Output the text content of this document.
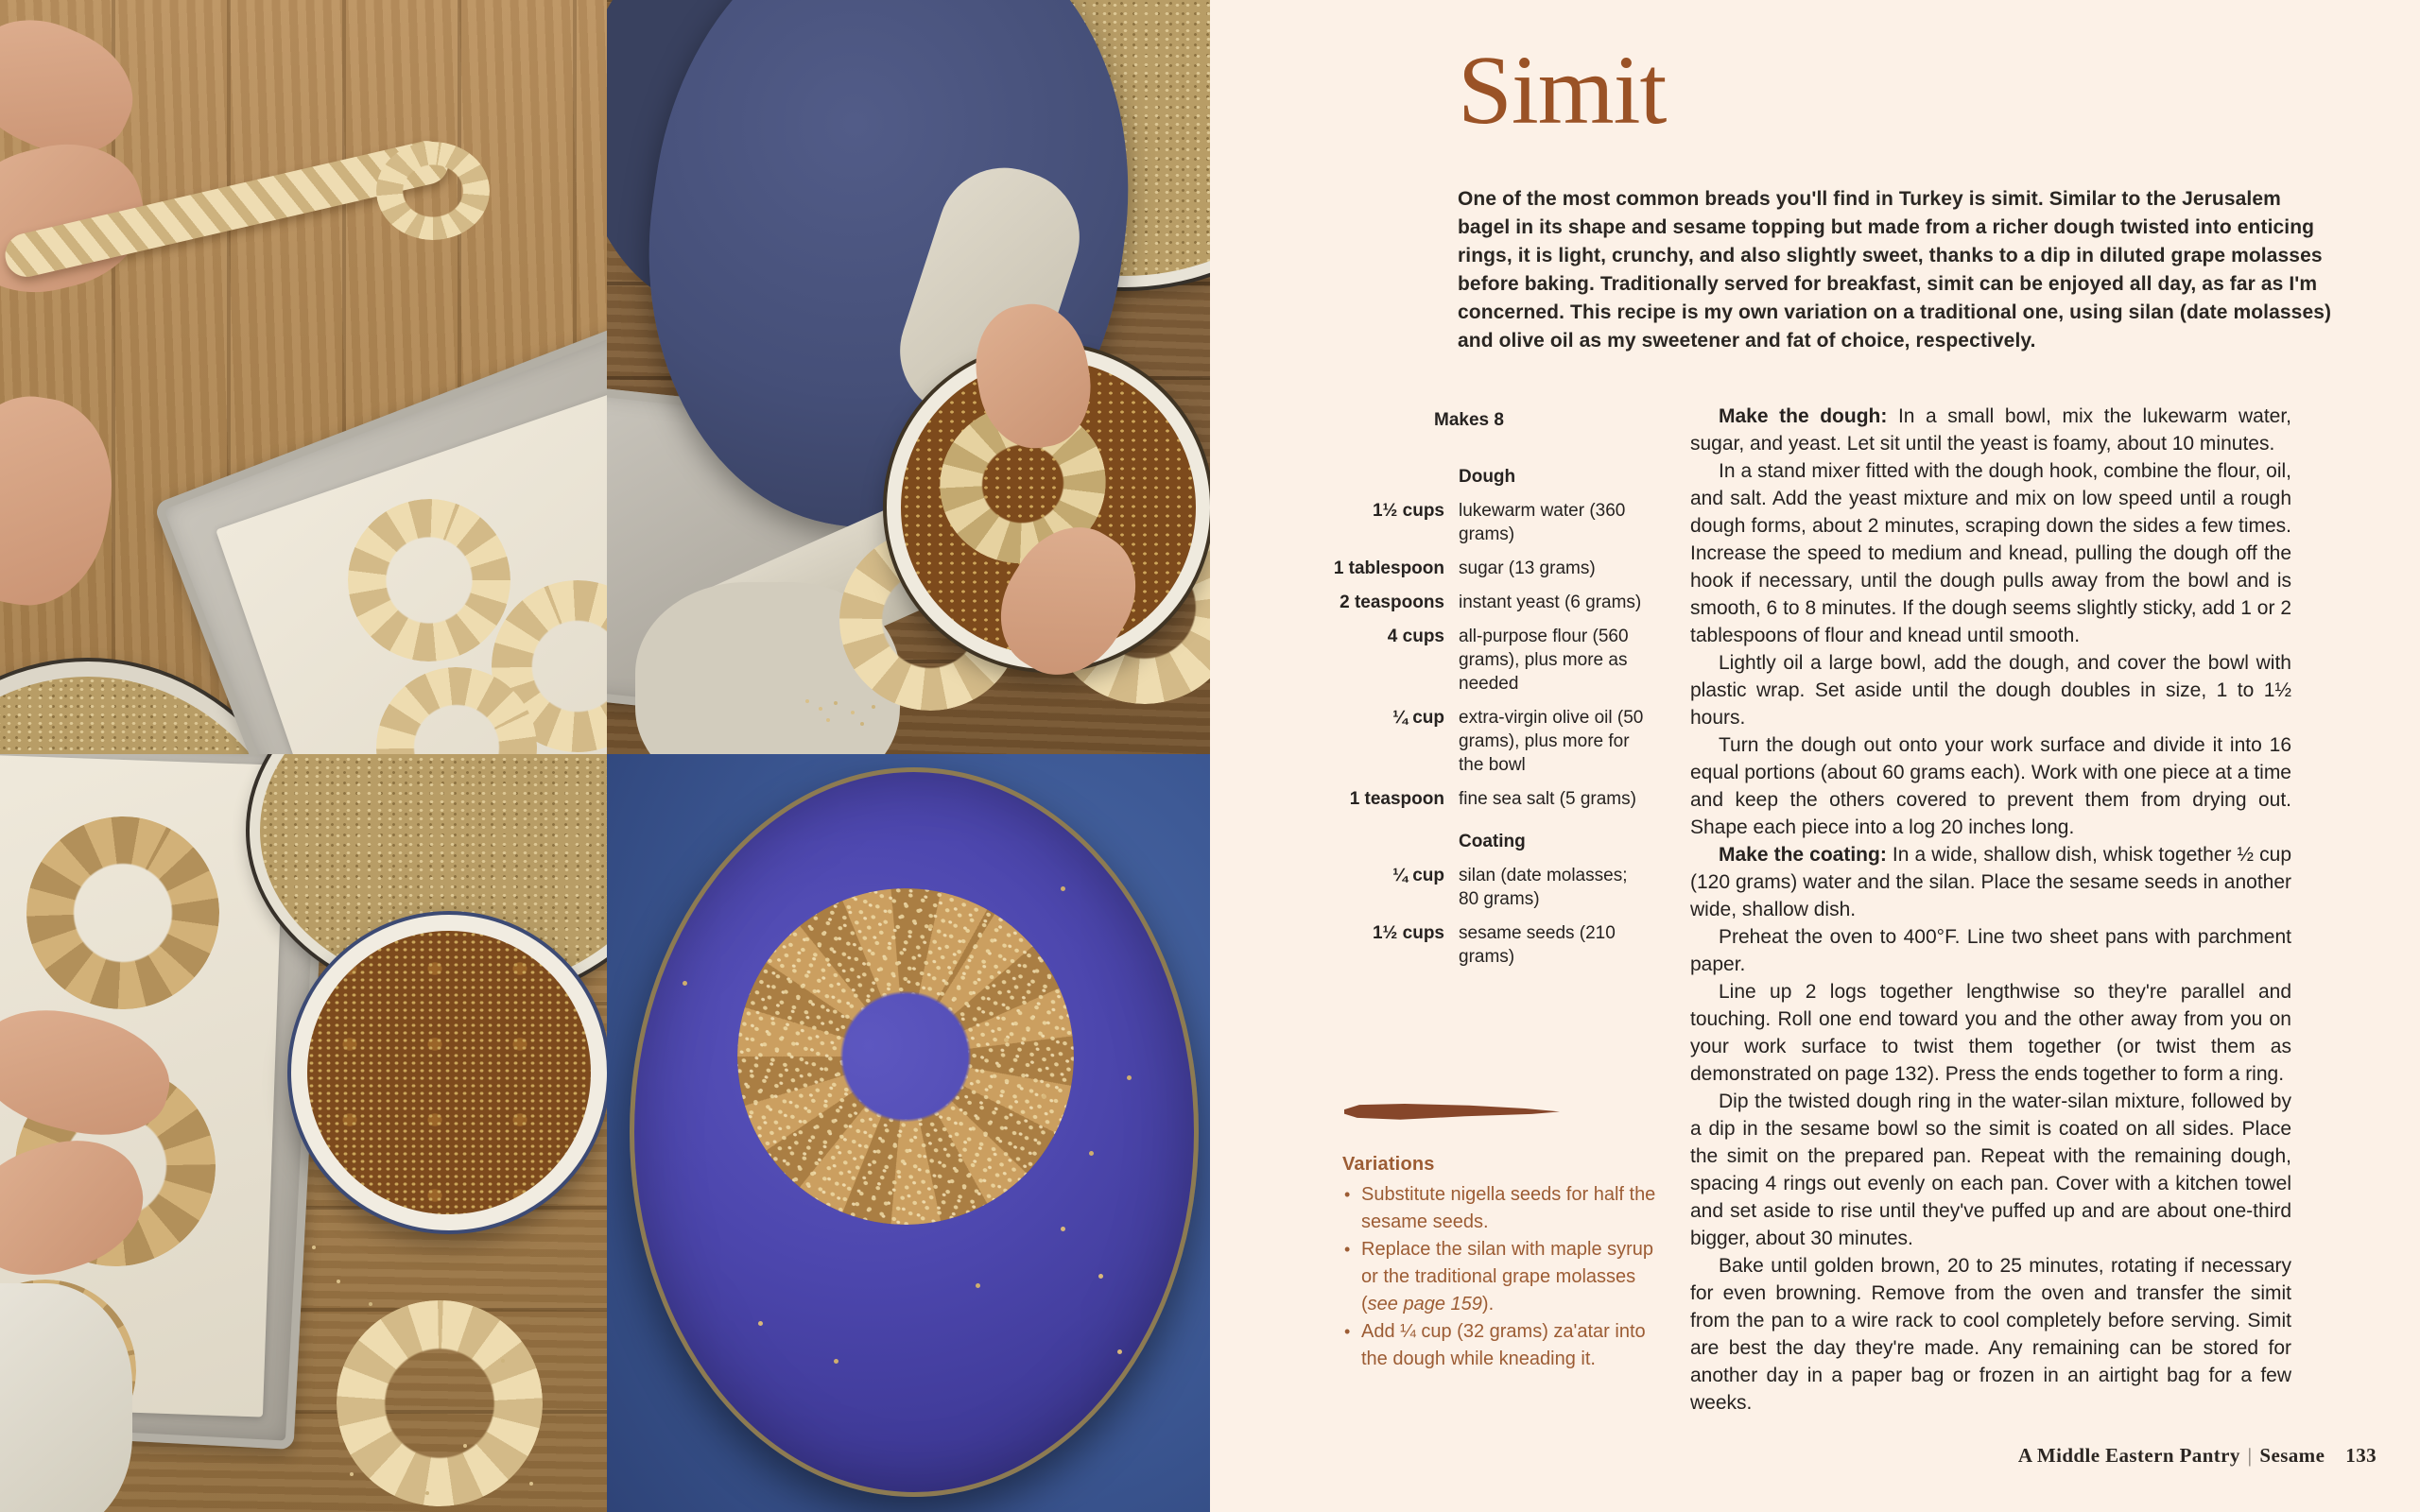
Simit

One of the most common breads you'll find in Turkey is simit. Similar to the Jerusalem bagel in its shape and sesame topping but made from a richer dough twisted into enticing rings, it is light, crunchy, and also slightly sweet, thanks to a dip in diluted grape molasses before baking. Traditionally served for breakfast, simit can be enjoyed all day, as far as I'm concerned. This recipe is my own variation on a traditional one, using silan (date molasses) and olive oil as my sweetener and fat of choice, respectively.

Makes 8
Dough
1½ cups lukewarm water (360 grams)
1 tablespoon sugar (13 grams)
2 teaspoons instant yeast (6 grams)
4 cups all-purpose flour (560 grams), plus more as needed
¼ cup extra-virgin olive oil (50 grams), plus more for the bowl
1 teaspoon fine sea salt (5 grams)
Coating
¼ cup silan (date molasses; 80 grams)
1½ cups sesame seeds (210 grams)

Make the dough: In a small bowl, mix the lukewarm water, sugar, and yeast. Let sit until the yeast is foamy, about 10 minutes.

In a stand mixer fitted with the dough hook, combine the flour, oil, and salt. Add the yeast mixture and mix on low speed until a rough dough forms, about 2 minutes, scraping down the sides a few times. Increase the speed to medium and knead, pulling the dough off the hook if necessary, until the dough pulls away from the bowl and is smooth, 6 to 8 minutes. If the dough seems slightly sticky, add 1 or 2 tablespoons of flour and knead until smooth.

Lightly oil a large bowl, add the dough, and cover the bowl with plastic wrap. Set aside until the dough doubles in size, 1 to 1½ hours.

Turn the dough out onto your work surface and divide it into 16 equal portions (about 60 grams each). Work with one piece at a time and keep the others covered to prevent them from drying out. Shape each piece into a log 20 inches long.

Make the coating: In a wide, shallow dish, whisk together ½ cup (120 grams) water and the silan. Place the sesame seeds in another wide, shallow dish.

Preheat the oven to 400°F. Line two sheet pans with parchment paper.

Line up 2 logs together lengthwise so they're parallel and touching. Roll one end toward you and the other away from you on your work surface to twist them together (or twist them as demonstrated on page 132). Press the ends together to form a ring.

Dip the twisted dough ring in the water-silan mixture, followed by a dip in the sesame bowl so the simit is coated on all sides. Place the simit on the prepared pan. Repeat with the remaining dough, spacing 4 rings out evenly on each pan. Cover with a kitchen towel and set aside to rise until they've puffed up and are about one-third bigger, about 30 minutes.

Bake until golden brown, 20 to 25 minutes, rotating if necessary for even browning. Remove from the oven and transfer the simit from the pan to a wire rack to cool completely before serving. Simit are best the day they're made. Any remaining can be stored for another day in a paper bag or frozen in an airtight bag for a few weeks.

Variations
• Substitute nigella seeds for half the sesame seeds.
• Replace the silan with maple syrup or the traditional grape molasses (see page 159).
• Add ¼ cup (32 grams) za'atar into the dough while kneading it.
A Middle Eastern Pantry | Sesame 133
